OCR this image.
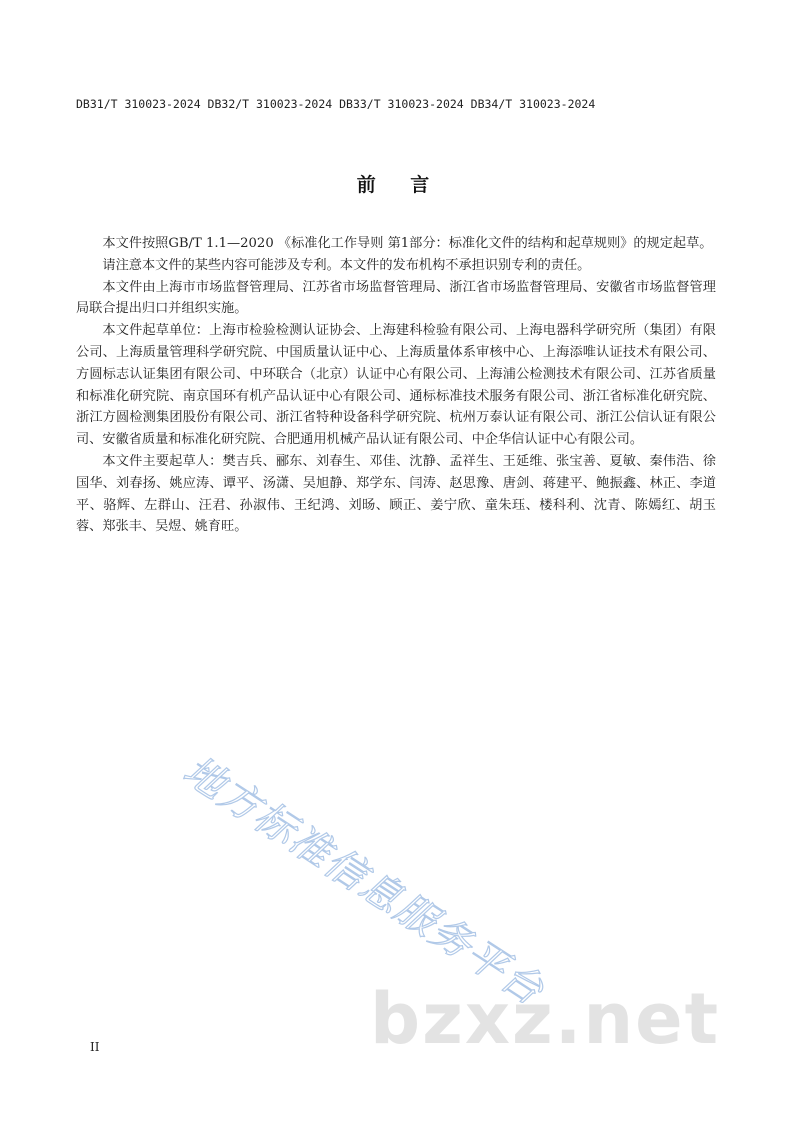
DB31/T 310023-2024 DB32/T 310023-2024 DB33/T 310023-2024 DB34/T 310023-2024
前 言

本文件按照GB/T 1.1—2020 《标准化工作导则 第1部分：标准化文件的结构和起草规则》的规定起草。

请注意本文件的某些内容可能涉及专利。本文件的发布机构不承担识别专利的责任。

本文件由上海市市场监督管理局、江苏省市场监督管理局、浙江省市场监督管理局、安徽省市场监督管理局联合提出归口并组织实施。

本文件起草单位：上海市检验检测认证协会、上海建科检验有限公司、上海电器科学研究所（集团）有限公司、上海质量管理科学研究院、中国质量认证中心、上海质量体系审核中心、上海添唯认证技术有限公司、方圆标志认证集团有限公司、中环联合（北京）认证中心有限公司、上海浦公检测技术有限公司、江苏省质量和标准化研究院、南京国环有机产品认证中心有限公司、通标标准技术服务有限公司、浙江省标准化研究院、浙江方圆检测集团股份有限公司、浙江省特种设备科学研究院、杭州万泰认证有限公司、浙江公信认证有限公司、安徽省质量和标准化研究院、合肥通用机械产品认证有限公司、中企华信认证中心有限公司。

本文件主要起草人：樊吉兵、郦东、刘春生、邓佳、沈静、孟祥生、王延维、张宝善、夏敏、秦伟浩、徐国华、刘春扬、姚应涛、谭平、汤潇、吴旭静、郑学东、闫涛、赵思豫、唐剑、蒋建平、鲍振鑫、林正、李道平、骆辉、左群山、汪君、孙淑伟、王纪鸿、刘旸、顾正、姜宁欣、童朱珏、楼科利、沈青、陈嫣红、胡玉蓉、郑张丰、吴煜、姚育旺。

地方标准信息服务平台
bzxz.net
II
